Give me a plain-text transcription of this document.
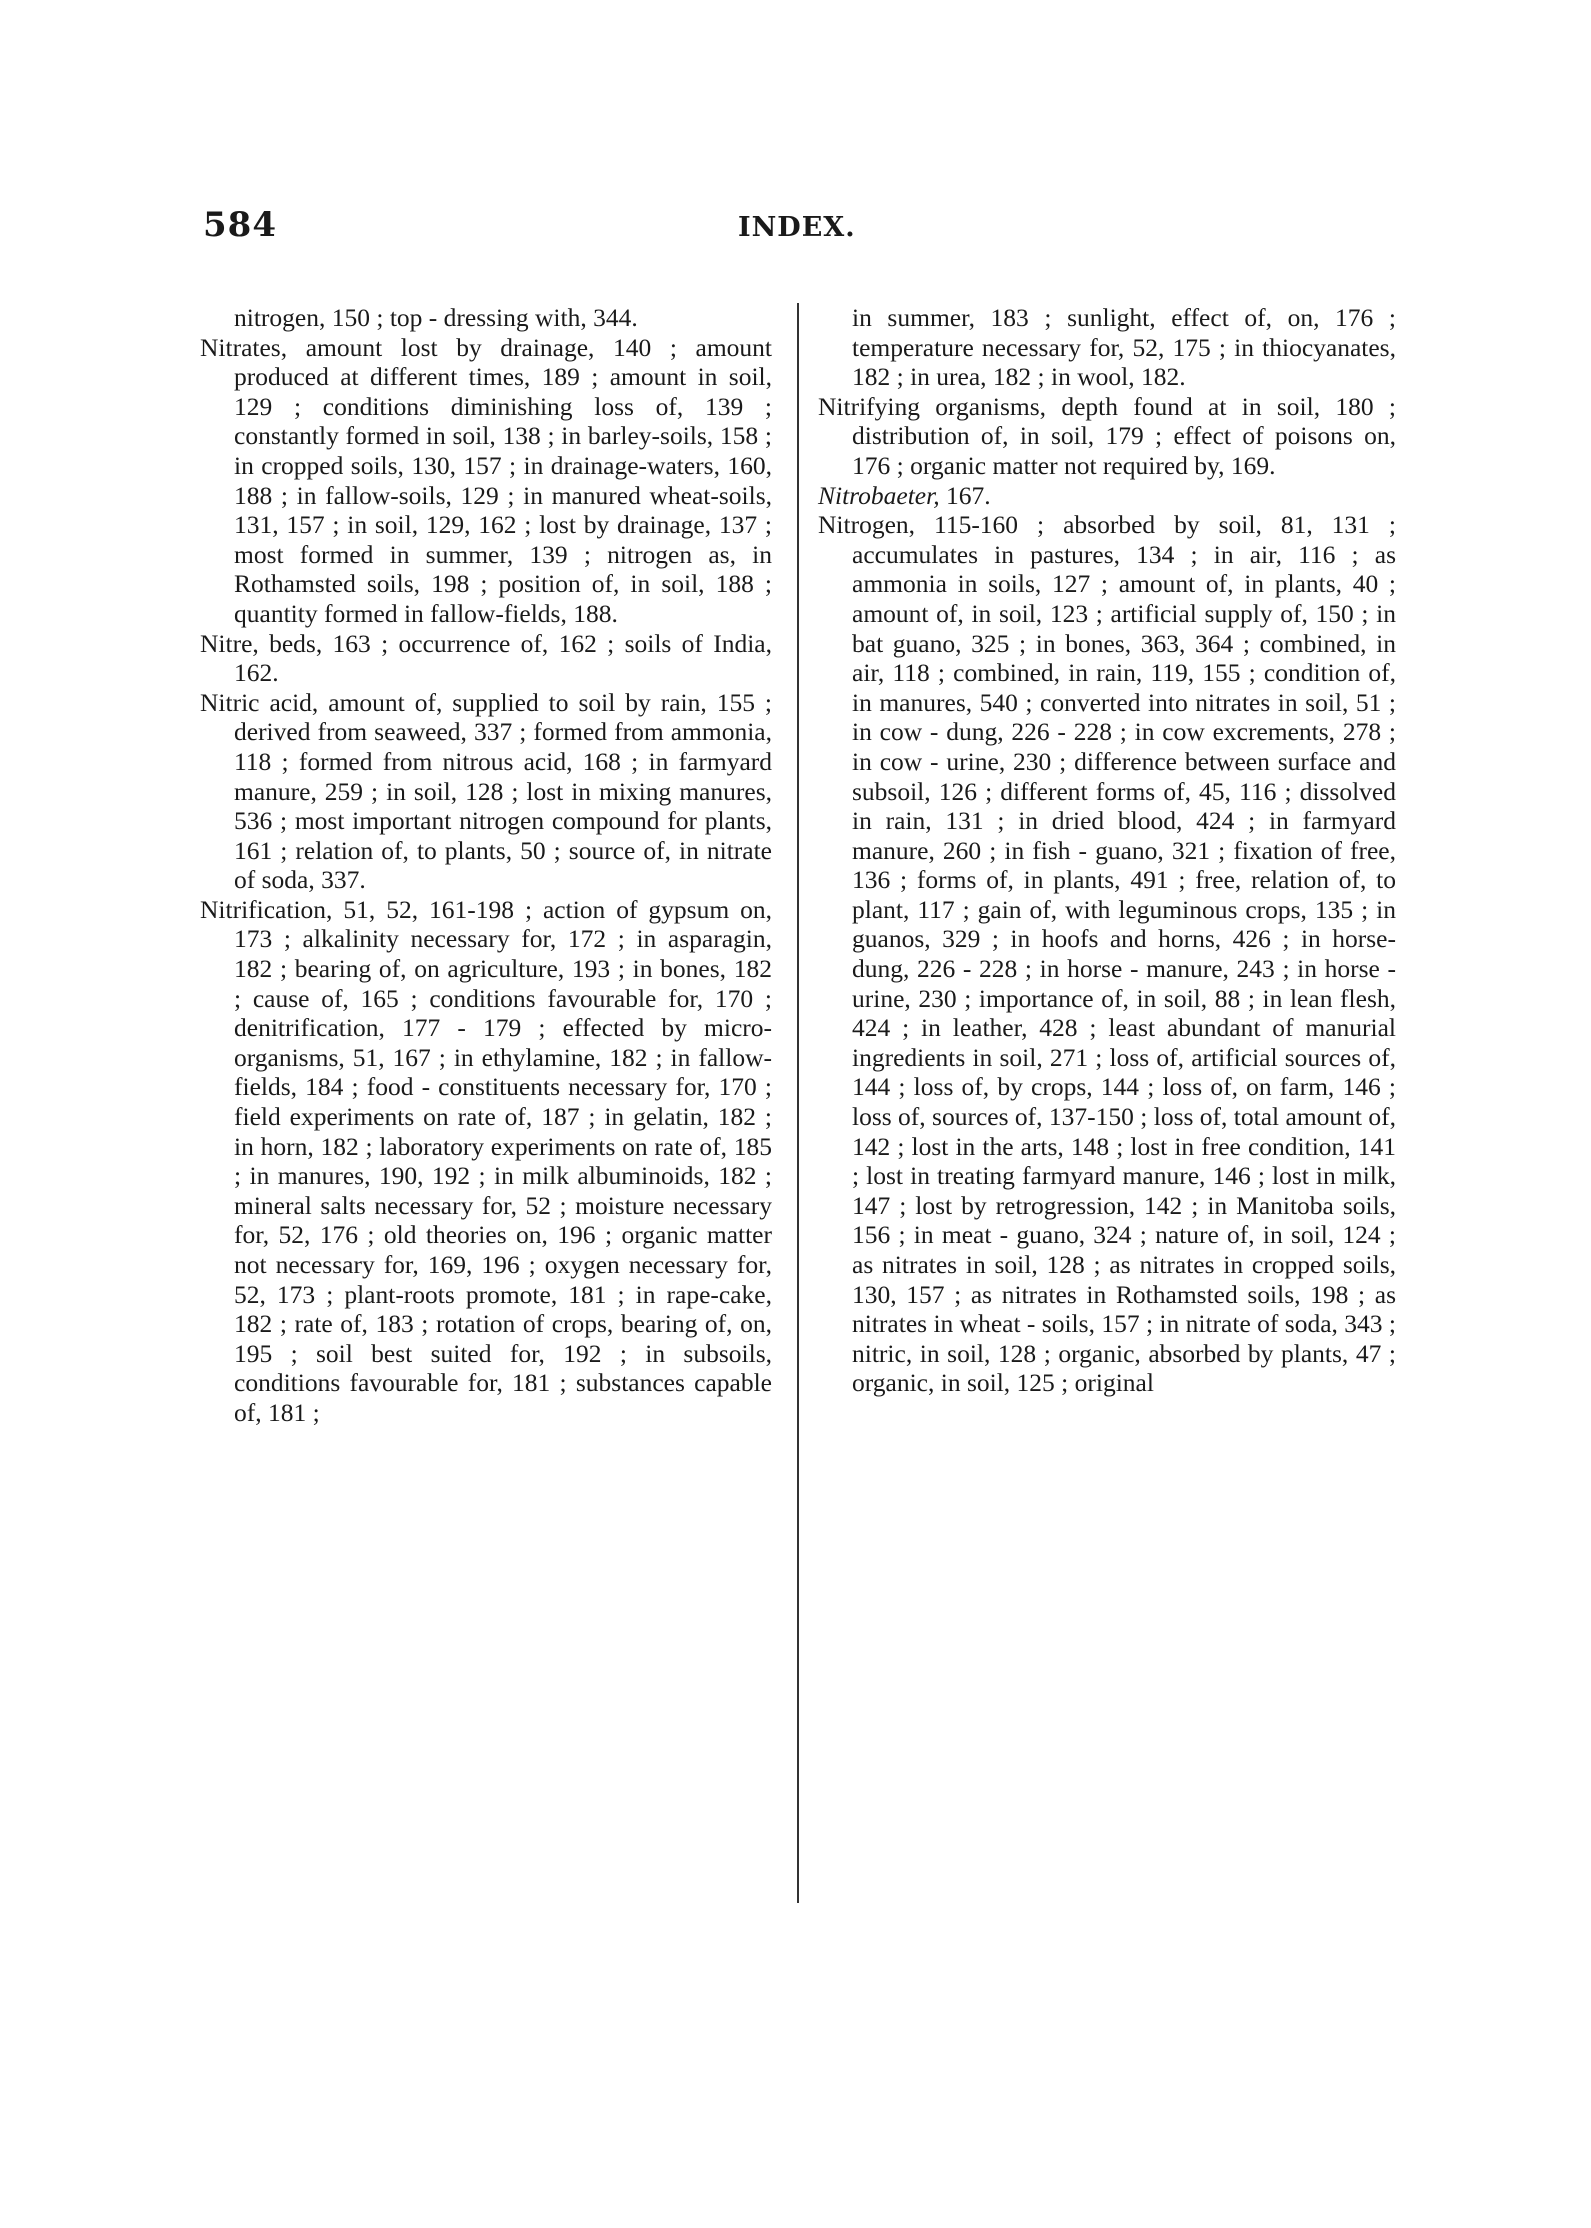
584	INDEX.

nitrogen, 150 ; top - dressing with, 344.

Nitrates, amount lost by drainage, 140 ; amount produced at different times, 189 ; amount in soil, 129 ; conditions diminishing loss of, 139 ; constantly formed in soil, 138 ; in barley-soils, 158 ; in cropped soils, 130, 157 ; in drainage-waters, 160, 188 ; in fallow-soils, 129 ; in manured wheat-soils, 131, 157 ; in soil, 129, 162 ; lost by drainage, 137 ; most formed in summer, 139 ; nitrogen as, in Rothamsted soils, 198 ; position of, in soil, 188 ; quantity formed in fallow-fields, 188.

Nitre, beds, 163 ; occurrence of, 162 ; soils of India, 162.

Nitric acid, amount of, supplied to soil by rain, 155 ; derived from seaweed, 337 ; formed from ammonia, 118 ; formed from nitrous acid, 168 ; in farmyard manure, 259 ; in soil, 128 ; lost in mixing manures, 536 ; most important nitrogen compound for plants, 161 ; relation of, to plants, 50 ; source of, in nitrate of soda, 337.

Nitrification, 51, 52, 161-198 ; action of gypsum on, 173 ; alkalinity necessary for, 172 ; in asparagin, 182 ; bearing of, on agriculture, 193 ; in bones, 182 ; cause of, 165 ; conditions favourable for, 170 ; denitrification, 177 - 179 ; effected by micro-organisms, 51, 167 ; in ethylamine, 182 ; in fallow-fields, 184 ; food - constituents necessary for, 170 ; field experiments on rate of, 187 ; in gelatin, 182 ; in horn, 182 ; laboratory experiments on rate of, 185 ; in manures, 190, 192 ; in milk albuminoids, 182 ; mineral salts necessary for, 52 ; moisture necessary for, 52, 176 ; old theories on, 196 ; organic matter not necessary for, 169, 196 ; oxygen necessary for, 52, 173 ; plant-roots promote, 181 ; in rape-cake, 182 ; rate of, 183 ; rotation of crops, bearing of, on, 195 ; soil best suited for, 192 ; in subsoils, conditions favourable for, 181 ; substances capable of, 181 ;

in summer, 183 ; sunlight, effect of, on, 176 ; temperature necessary for, 52, 175 ; in thiocyanates, 182 ; in urea, 182 ; in wool, 182.

Nitrifying organisms, depth found at in soil, 180 ; distribution of, in soil, 179 ; effect of poisons on, 176 ; organic matter not required by, 169.

Nitrobaeter, 167.

Nitrogen, 115-160 ; absorbed by soil, 81, 131 ; accumulates in pastures, 134 ; in air, 116 ; as ammonia in soils, 127 ; amount of, in plants, 40 ; amount of, in soil, 123 ; artificial supply of, 150 ; in bat guano, 325 ; in bones, 363, 364 ; combined, in air, 118 ; combined, in rain, 119, 155 ; condition of, in manures, 540 ; converted into nitrates in soil, 51 ; in cow - dung, 226 - 228 ; in cow excrements, 278 ; in cow - urine, 230 ; difference between surface and subsoil, 126 ; different forms of, 45, 116 ; dissolved in rain, 131 ; in dried blood, 424 ; in farmyard manure, 260 ; in fish - guano, 321 ; fixation of free, 136 ; forms of, in plants, 491 ; free, relation of, to plant, 117 ; gain of, with leguminous crops, 135 ; in guanos, 329 ; in hoofs and horns, 426 ; in horse-dung, 226 - 228 ; in horse - manure, 243 ; in horse - urine, 230 ; importance of, in soil, 88 ; in lean flesh, 424 ; in leather, 428 ; least abundant of manurial ingredients in soil, 271 ; loss of, artificial sources of, 144 ; loss of, by crops, 144 ; loss of, on farm, 146 ; loss of, sources of, 137-150 ; loss of, total amount of, 142 ; lost in the arts, 148 ; lost in free condition, 141 ; lost in treating farmyard manure, 146 ; lost in milk, 147 ; lost by retrogression, 142 ; in Manitoba soils, 156 ; in meat - guano, 324 ; nature of, in soil, 124 ; as nitrates in soil, 128 ; as nitrates in cropped soils, 130, 157 ; as nitrates in Rothamsted soils, 198 ; as nitrates in wheat - soils, 157 ; in nitrate of soda, 343 ; nitric, in soil, 128 ; organic, absorbed by plants, 47 ; organic, in soil, 125 ; original
